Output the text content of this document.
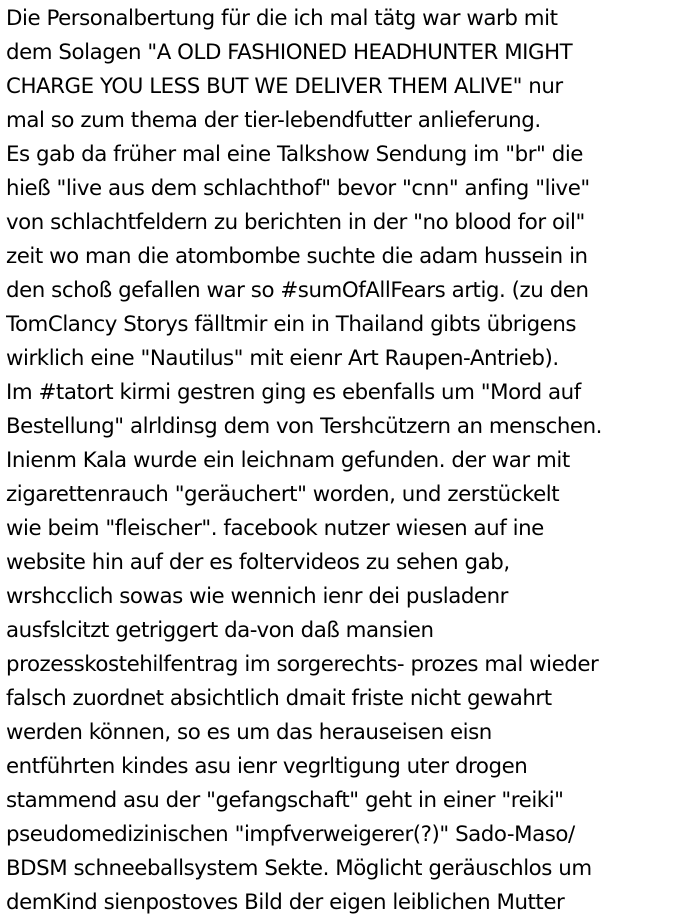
Die Personalbertung für die ich mal tätg war warb mit
dem Solagen "A OLD FASHIONED HEADHUNTER MIGHT
CHARGE YOU LESS BUT WE DELIVER THEM ALIVE" nur
mal so zum thema der tier-lebendfutter anlieferung.
Es gab da früher mal eine Talkshow Sendung im "br" die
hieß "live aus dem schlachthof" bevor "cnn" anfing "live"
von schlachtfeldern zu berichten in der "no blood for oil"
zeit wo man die atombombe suchte die adam hussein in
den schoß gefallen war so #sumOfAllFears artig. (zu den
TomClancy Storys fälltmir ein in Thailand gibts übrigens
wirklich eine "Nautilus" mit eienr Art Raupen-Antrieb).
Im #tatort kirmi gestren ging es ebenfalls um "Mord auf
Bestellung" alrldinsg dem von Tershcützern an menschen.
Inienm Kala wurde ein leichnam gefunden. der war mit
zigarettenrauch "geräuchert" worden, und zerstückelt
wie beim "fleischer". facebook nutzer wiesen auf ine
website hin auf der es foltervideos zu sehen gab,
wrshcclich sowas wie wennich ienr dei pusladenr
ausfslcitzt getriggert da-von daß mansien
prozesskostehilfentrag im sorgerechts- prozes mal wieder
falsch zuordnet absichtlich dmait friste nicht gewahrt
werden können, so es um das herauseisen eisn
entführten kindes asu ienr vegrltigung uter drogen
stammend asu der "gefangschaft" geht in einer "reiki"
pseudomedizinischen "impfverweigerer(?)" Sado-Maso/
BDSM schneeballsystem Sekte. Möglicht geräuschlos um
demKind sienpostoves Bild der eigen leiblichen Mutter
